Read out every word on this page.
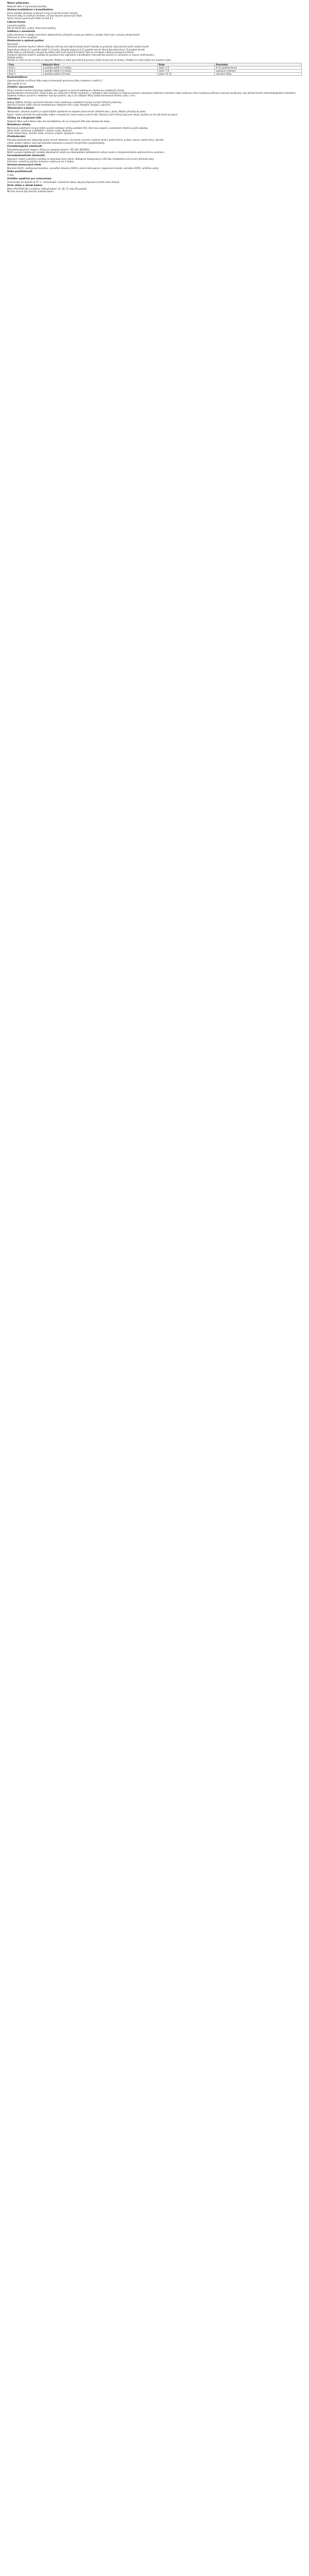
Názov přípravku
Nobactin Nero 4 mg lisované pastilky
Složení kvalitativní a kvantitativní
Jedna pastilka obsahuje nicotinum 4 mg (ve formě nicotini resinas).
Pomocné látky se známým účinkem: viz bod Seznam pomocných látek.
Úplný seznam pomocných látek viz bod 6.1.
Léková forma
Lisovaná pastilka.
Bílé až téměř bílé, oválné, bikonvexní pastilky.
Indikace s omezením
Léčba závislosti na tabáku zmírněním abstinenčních příznaků a touhy po nikotinu u kuřáků, kteří mají v úmyslu přestat kouřit.
Přípravek je určen dospělým.
Dávkování a způsob podání
Dávkování
Okamžité ukončení kouření: během léčby by měli pacienti úplně přestat kouřit. Pastilky se používají, když pacient pocítí nutkání kouřit.
Doporučená dávka je 1 pastilka každé 1–2 hodiny. Obvyklá dávka je 8–12 pastilek denně. Nemá být překročeno 15 pastilek denně.
Délka léčby je individuální, obvykle by léčba měla trvat nejméně 6 týdnů. Poté se má dávka nikotinu postupně snižovat.
Postupné ukončení kouření: pastilky lze používat mezi cigaretami k prodloužení intervalů bez kouření a s úmyslem co nejvíce snížit kouření.
Způsob podání
Pastilka se vloží do úst a nechá se rozpustit. Pastilku je třeba pravidelně posouvat z jedné strany úst na druhou. Pastilka se nemá žvýkat ani polykat vcelku.
Fáze	Nobactin Nero	Doba	Poznámka
Krok 1	1 pastilka každé 1–2 hodiny	týden 1–6	8–12 pastilek denně
Krok 2	1 pastilka každé 2–4 hodiny	týden 7–9	postupné snižování
Krok 3	1 pastilka každé 4–8 hodin	týden 10–12	ukončení léčby
Kontraindikace
Hypersenzitivita na léčivou látku nebo na kteroukoli pomocnou látku uvedenou v bodě 6.1.
Děti mladší 12 let.
Zvláštní upozornění
Přínos ukončení kouření převyšuje jakékoli riziko spojené se správně podávanou nikotinovou substituční terapií.
Kardiovaskulární onemocnění: závislí kuřáci po nedávném infarktu myokardu, s nestabilní nebo zhoršující se anginou pectoris, závažnými srdečními arytmiemi nebo nedávnou cévní mozkovou příhodou mají být povzbuzeni, aby přestali kouřit nefarmakologickými metodami.
Diabetes mellitus: pacienti s diabetem mají být poučeni, aby si při zahájení léčby častěji kontrolovali hladinu cukru v krvi.
Interakce
Nebyly zjištěny klinicky významné interakce mezi nikotinovou substituční terapií a jinými léčivými přípravky.
Ukončení kouření může ovlivnit metabolismus některých léčiv (např. theofylin, klozapin, ropinirol).
Těhotenství a kojení
Těhotenství: ukončení kouření je nejúčinnějším opatřením ke zlepšení zdraví kouřící těhotné ženy i plodu. Nikotin přechází do plodu.
Kojení: nikotin přechází do mateřského mléka v množstvích, která mohou ovlivnit dítě. Pokud je nutné léčivý přípravek užívat, pastilka se má užít ihned po kojení.
Účinky na schopnost řídit
Nobactin Nero nemá žádný nebo má zanedbatelný vliv na schopnost řídit nebo obsluhovat stroje.
Nežádoucí účinky
Nikotinová substituční terapie může vyvolat nežádoucí účinky podobné těm, které jsou spojeny s podáváním nikotinu jinými způsoby.
Velmi časté: nevolnost, podráždění v ústech a krku, škytavka.
Časté: bolest hlavy, závratě, kašel, zvracení, průjem, dyspepsie, únava.
Předávkování
Příznaky předávkování odpovídají akutní otravě nikotinem: nevolnost, zvracení, zvýšené slinění, bolest břicha, průjem, pocení, bolest hlavy, závratě.
Léčba: podání nikotinu musí být okamžitě zastaveno a pacient má být léčen symptomaticky.
Farmakologické vlastnosti
Farmakoterapeutická skupina: léčiva pro odvykání kouření, ATC kód: N07BA01.
Náhlé vysazení tabákových výrobků obsahujících nikotin po dlouhodobém každodenním užívání vede k charakteristickému abstinenčnímu syndromu.
Farmakokinetické vlastnosti
Absorpce: nikotin uvolněný z pastilky se absorbuje ústní sliznicí. Biologická dostupnost je nižší díky metabolismu při prvním průchodu játry.
Eliminace: průměrný poločas eliminace nikotinu je asi 2 hodiny.
Seznam pomocných látek
Mannitol (E421), xanthanová klovatina, acesulfam draselný (E950), aroma máta peprná, magnesium-stearát, sukralóza (E955), uhličitan sodný.
Doba použitelnosti
3 roky.
Zvláštní opatření pro uchovávání
Uchovávejte při teplotě do 25 °C. Uchovávejte v původním obalu, aby byl přípravek chráněn před vlhkostí.
Druh obalu a obsah balení
Blistr (PVC/PVDC/Al) v krabičce. Velikost balení: 24, 48, 72 nebo 96 pastilek.
Na trhu nemusí být všechny velikosti balení.
